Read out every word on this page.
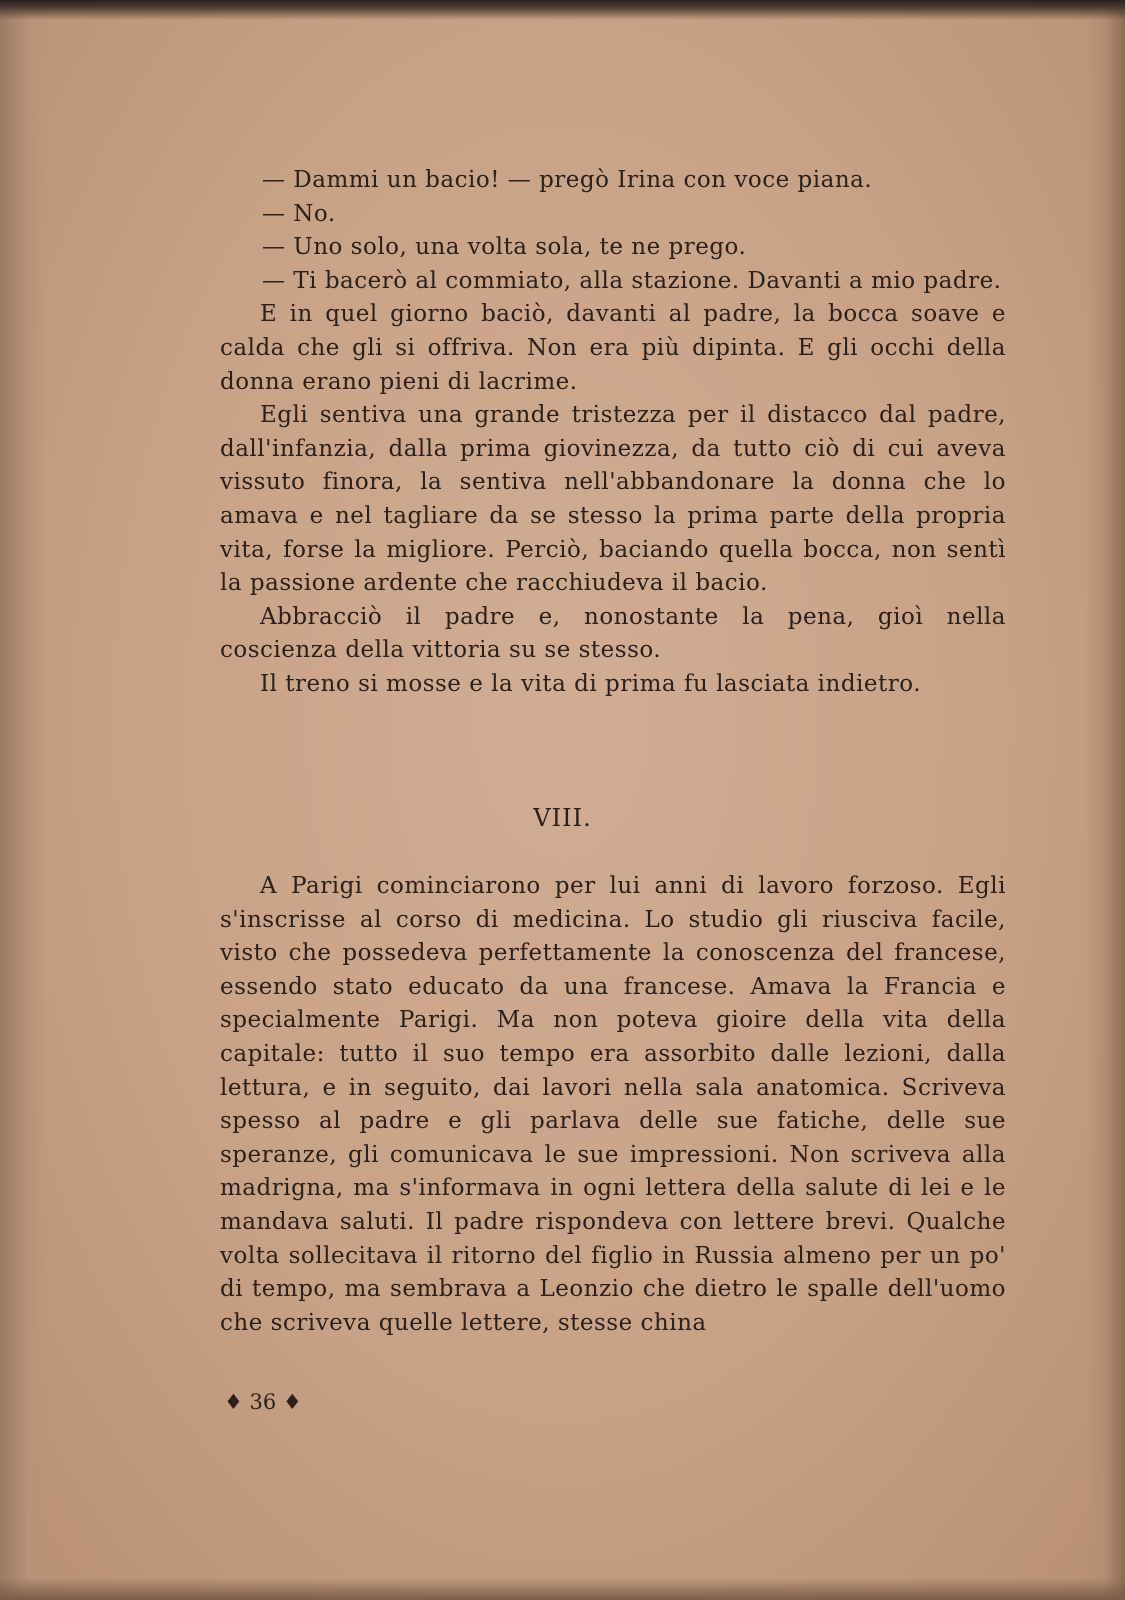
— Dammi un bacio! — pregò Irina con voce piana.

— No.

— Uno solo, una volta sola, te ne prego.

— Ti bacerò al commiato, alla stazione. Davanti a mio padre.

E in quel giorno baciò, davanti al padre, la bocca soave e calda che gli si offriva. Non era più dipinta. E gli occhi della donna erano pieni di lacrime.

Egli sentiva una grande tristezza per il distacco dal padre, dall'infanzia, dalla prima giovinezza, da tutto ciò di cui aveva vissuto finora, la sentiva nell'abbandonare la donna che lo amava e nel tagliare da se stesso la prima parte della propria vita, forse la migliore. Perciò, baciando quella bocca, non sentì la passione ardente che racchiudeva il bacio.

Abbracciò il padre e, nonostante la pena, gioì nella coscienza della vittoria su se stesso.

Il treno si mosse e la vita di prima fu lasciata indietro.

VIII.

A Parigi cominciarono per lui anni di lavoro forzoso. Egli s'inscrisse al corso di medicina. Lo studio gli riusciva facile, visto che possedeva perfettamente la conoscenza del francese, essendo stato educato da una francese. Amava la Francia e specialmente Parigi. Ma non poteva gioire della vita della capitale: tutto il suo tempo era assorbito dalle lezioni, dalla lettura, e in seguito, dai lavori nella sala anatomica. Scriveva spesso al padre e gli parlava delle sue fatiche, delle sue speranze, gli comunicava le sue impressioni. Non scriveva alla madrigna, ma s'informava in ogni lettera della salute di lei e le mandava saluti. Il padre rispondeva con lettere brevi. Qualche volta sollecitava il ritorno del figlio in Russia almeno per un po' di tempo, ma sembrava a Leonzio che dietro le spalle dell'uomo che scriveva quelle lettere, stesse china

♦ 36 ♦
